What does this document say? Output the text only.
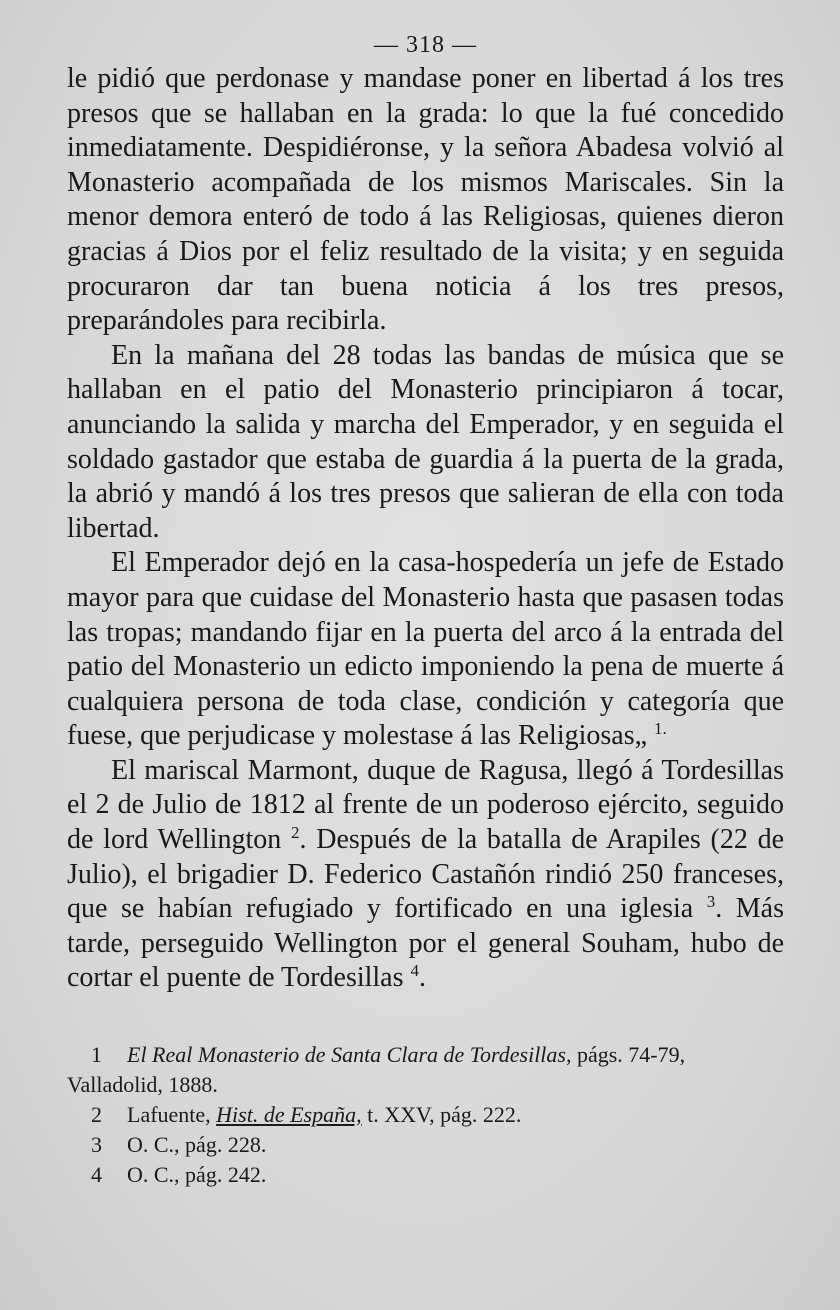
— 318 —

le pidió que perdonase y mandase poner en libertad á los tres presos que se hallaban en la grada: lo que la fué concedido inmediatamente. Despidiéronse, y la señora Abadesa volvió al Monasterio acompañada de los mismos Mariscales. Sin la menor demora enteró de todo á las Religiosas, quienes dieron gracias á Dios por el feliz resultado de la visita; y en seguida procuraron dar tan buena noticia á los tres presos, preparándoles para recibirla.

En la mañana del 28 todas las bandas de música que se hallaban en el patio del Monasterio principiaron á tocar, anunciando la salida y marcha del Emperador, y en seguida el soldado gastador que estaba de guardia á la puerta de la grada, la abrió y mandó á los tres presos que salieran de ella con toda libertad.

El Emperador dejó en la casa-hospedería un jefe de Estado mayor para que cuidase del Monasterio hasta que pasasen todas las tropas; mandando fijar en la puerta del arco á la entrada del patio del Monasterio un edicto imponiendo la pena de muerte á cualquiera persona de toda clase, condición y categoría que fuese, que perjudicase y molestase á las Religiosas„ $^{1.}$

El mariscal Marmont, duque de Ragusa, llegó á Tordesillas el 2 de Julio de 1812 al frente de un poderoso ejército, seguido de lord Wellington $^2$. Después de la batalla de Arapiles (22 de Julio), el brigadier D. Federico Castañón rindió 250 franceses, que se habían refugiado y fortificado en una iglesia $^3$. Más tarde, perseguido Wellington por el general Souham, hubo de cortar el puente de Tordesillas $^4$.

1 El Real Monasterio de Santa Clara de Tordesillas, págs. 74-79, Valladolid, 1888.

2 Lafuente, Hist. de España, t. XXV, pág. 222.

3 O. C., pág. 228.

4 O. C., pág. 242.
